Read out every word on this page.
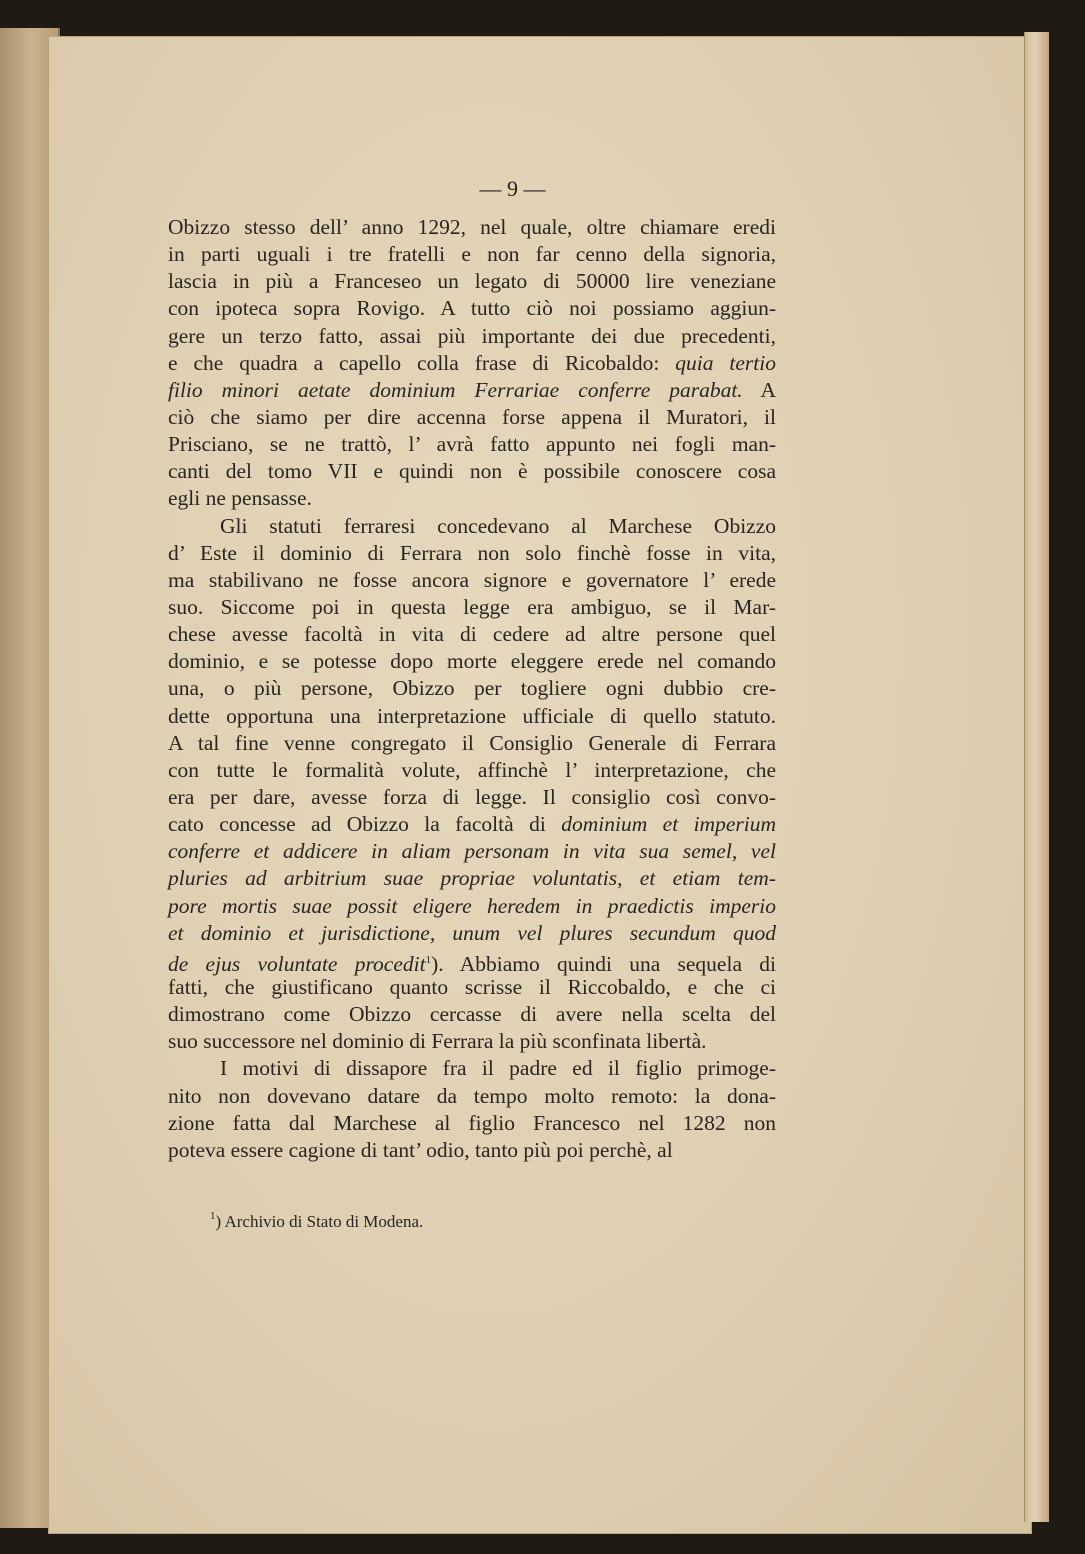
— 9 —
Obizzo stesso dell’ anno 1292, nel quale, oltre chiamare eredi
in parti uguali i tre fratelli e non far cenno della signoria,
lascia in più a Franceseo un legato di 50000 lire veneziane
con ipoteca sopra Rovigo. A tutto ciò noi possiamo aggiun-
gere un terzo fatto, assai più importante dei due precedenti,
e che quadra a capello colla frase di Ricobaldo: quia tertio
filio minori aetate dominium Ferrariae conferre parabat. A
ciò che siamo per dire accenna forse appena il Muratori, il
Prisciano, se ne trattò, l’ avrà fatto appunto nei fogli man-
canti del tomo VII e quindi non è possibile conoscere cosa
egli ne pensasse.
Gli statuti ferraresi concedevano al Marchese Obizzo
d’ Este il dominio di Ferrara non solo finchè fosse in vita,
ma stabilivano ne fosse ancora signore e governatore l’ erede
suo. Siccome poi in questa legge era ambiguo, se il Mar-
chese avesse facoltà in vita di cedere ad altre persone quel
dominio, e se potesse dopo morte eleggere erede nel comando
una, o più persone, Obizzo per togliere ogni dubbio cre-
dette opportuna una interpretazione ufficiale di quello statuto.
A tal fine venne congregato il Consiglio Generale di Ferrara
con tutte le formalità volute, affinchè l’ interpretazione, che
era per dare, avesse forza di legge. Il consiglio così convo-
cato concesse ad Obizzo la facoltà di dominium et imperium
conferre et addicere in aliam personam in vita sua semel, vel
pluries ad arbitrium suae propriae voluntatis, et etiam tem-
pore mortis suae possit eligere heredem in praedictis imperio
et dominio et jurisdictione, unum vel plures secundum quod
de ejus voluntate procedit$^1$). Abbiamo quindi una sequela di
fatti, che giustificano quanto scrisse il Riccobaldo, e che ci
dimostrano come Obizzo cercasse di avere nella scelta del
suo successore nel dominio di Ferrara la più sconfinata libertà.
I motivi di dissapore fra il padre ed il figlio primoge-
nito non dovevano datare da tempo molto remoto: la dona-
zione fatta dal Marchese al figlio Francesco nel 1282 non
poteva essere cagione di tant’ odio, tanto più poi perchè, al
$^1$) Archivio di Stato di Modena.
